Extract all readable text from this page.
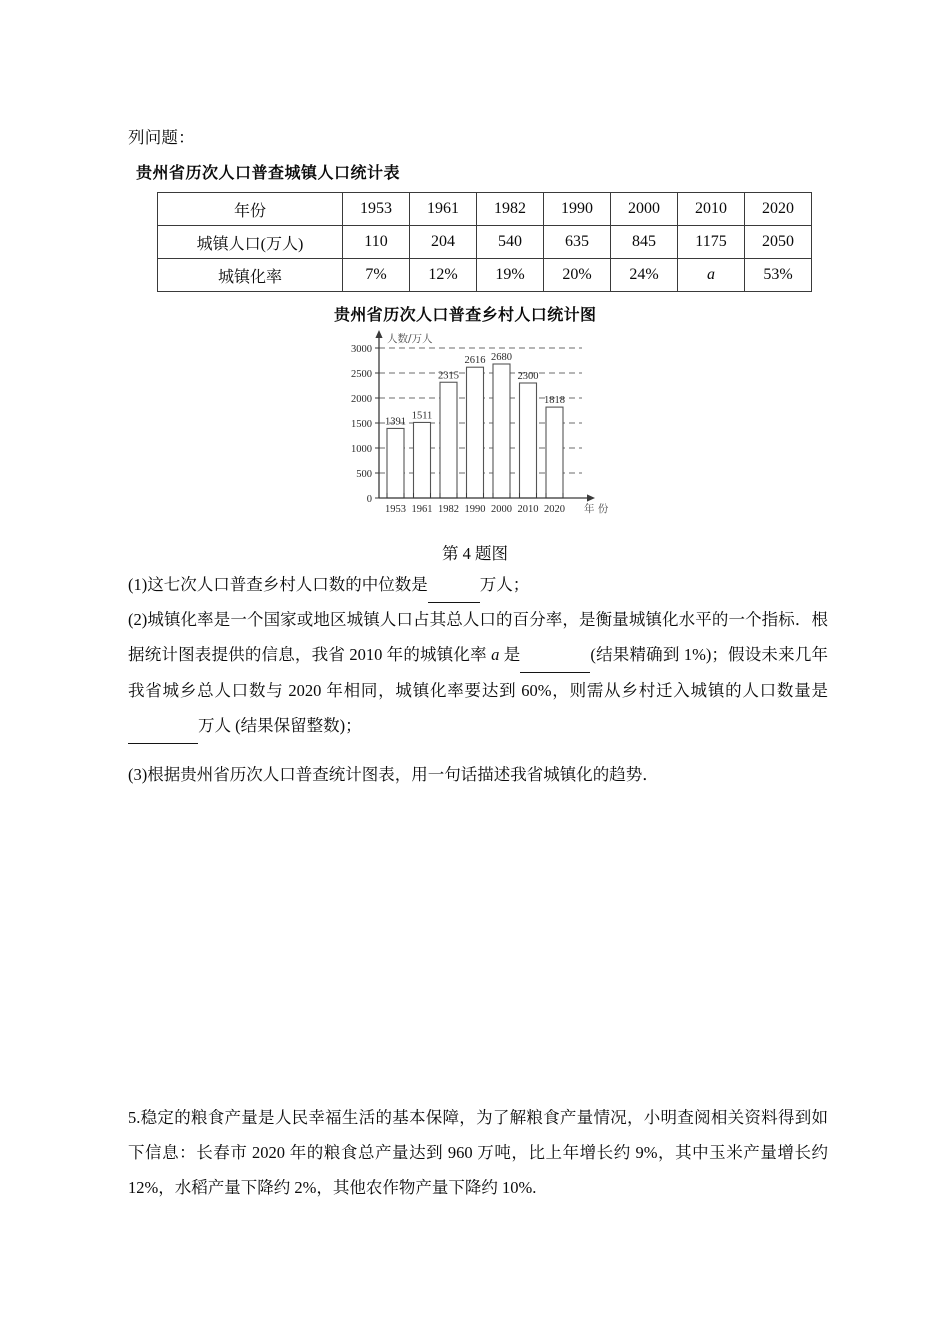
列问题：
贵州省历次人口普查城镇人口统计表
年份	1953	1961	1982	1990	2000	2010	2020
城镇人口(万人)	110	204	540	635	845	1175	2050
城镇化率	7%	12%	19%	20%	24%	a	53%
贵州省历次人口普查乡村人口统计图
0
500
1000
1500
2000
2500
3000
1391
1953
1511
1961
2315
1982
2616
1990
2680
2000
2300
2010
1818
2020
人数/万人
年 份
第 4 题图
(1)这七次人口普查乡村人口数的中位数是	万人；
(2)城镇化率是一个国家或地区城镇人口占其总人口的百分率，是衡量城镇化水平的一个指标．根据统计图表提供的信息，我省 2010 年的城镇化率 a 是	(结果精确到 1%)；假设未来几年我省城乡总人口数与 2020 年相同，城镇化率要达到 60%，则需从乡村迁入城镇的人口数量是 万人 (结果保留整数)；
(3)根据贵州省历次人口普查统计图表，用一句话描述我省城镇化的趋势．
5.稳定的粮食产量是人民幸福生活的基本保障，为了解粮食产量情况，小明查阅相关资料得到如下信息：长春市 2020 年的粮食总产量达到 960 万吨，比上年增长约 9%，其中玉米产量增长约 12%，水稻产量下降约 2%，其他农作物产量下降约 10%.
